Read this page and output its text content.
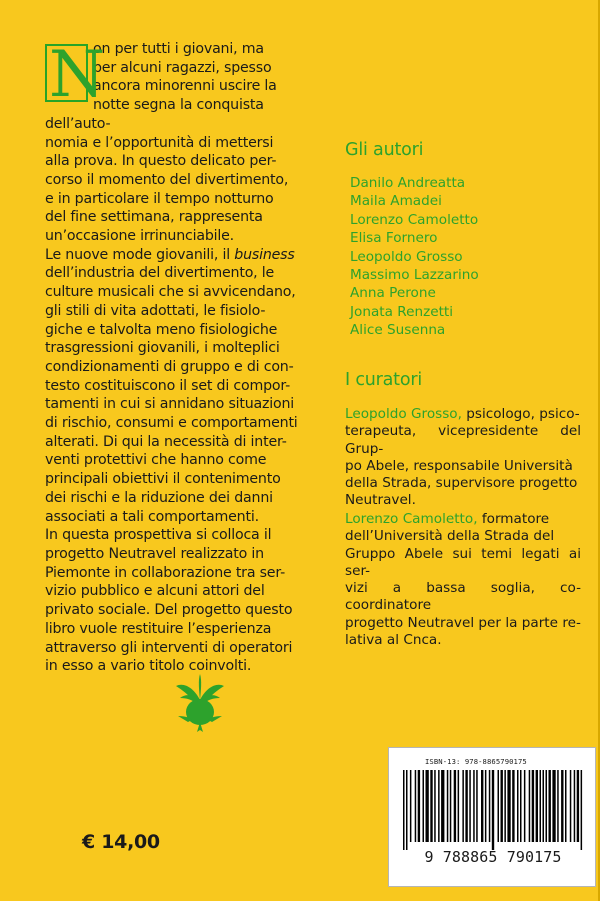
N

on per tutti i giovani, ma
per alcuni ragazzi, spesso
ancora minorenni uscire la
notte segna la conquista dell’auto-
nomia e l’opportunità di mettersi
alla prova. In questo delicato per-
corso il momento del divertimento,
e in particolare il tempo notturno
del fine settimana, rappresenta
un’occasione irrinunciabile.
Le nuove mode giovanili, il business
dell’industria del divertimento, le
culture musicali che si avvicendano,
gli stili di vita adottati, le fisiolo-
giche e talvolta meno fisiologiche
trasgressioni giovanili, i molteplici
condizionamenti di gruppo e di con-
testo costituiscono il set di compor-
tamenti in cui si annidano situazioni
di rischio, consumi e comportamenti
alterati. Di qui la necessità di inter-
venti protettivi che hanno come
principali obiettivi il contenimento
dei rischi e la riduzione dei danni
associati a tali comportamenti.
In questa prospettiva si colloca il
progetto Neutravel realizzato in
Piemonte in collaborazione tra ser-
vizio pubblico e alcuni attori del
privato sociale. Del progetto questo
libro vuole restituire l’esperienza
attraverso gli interventi di operatori
in esso a vario titolo coinvolti.

Gli autori
Danilo Andreatta
Maila Amadei
Lorenzo Camoletto
Elisa Fornero
Leopoldo Grosso
Massimo Lazzarino
Anna Perone
Jonata Renzetti
Alice Susenna
I curatori
Leopoldo Grosso, psicologo, psico-
terapeuta, vicepresidente del Grup-
po Abele, responsabile Università
della Strada, supervisore progetto
Neutravel.
Lorenzo Camoletto, formatore
dell’Università della Strada del
Gruppo Abele sui temi legati ai ser-
vizi a bassa soglia, co-coordinatore
progetto Neutravel per la parte re-
lativa al Cnca.
€ 14,00
ISBN-13: 978-8865790175
9 788865 790175
